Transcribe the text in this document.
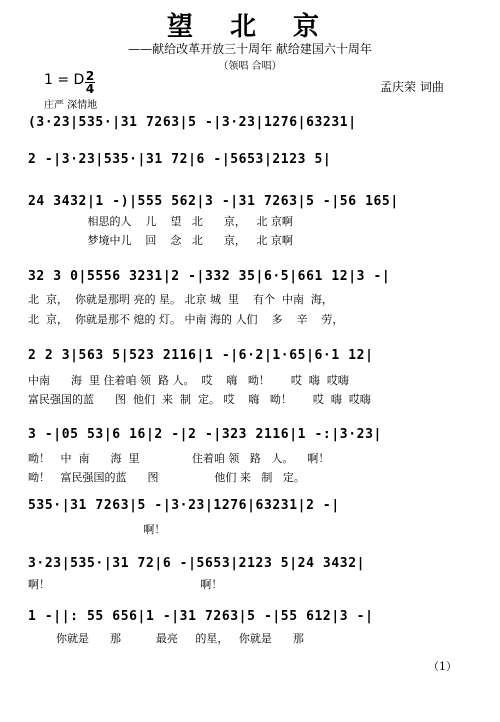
望 北 京
——献给改革开放三十周年 献给建国六十周年
（领唱 合唱）
1 = D 2
4
庄严 深情地
孟庆荣 词曲
(3·23|535·|31 7263|5 -|3·23|1276|63231|
2 -|3·23|535·|31 72|6 -|5653|2123 5|
24 3432|1 -)|555 562|3 -|31 7263|5 -|56 165|
相思的人    儿    望   北      京，   北 京啊
梦境中儿    回    念   北      京，   北 京啊
32 3 0|5556 3231|2 -|332 35|6·5|661 12|3 -|
北  京，  你就是那明 亮的 星。 北京 城  里    有个  中南  海，
北  京，  你就是那不 熄的 灯。 中南 海的 人们    多    辛    劳，
2 2 3|563 5|523 2116|1 -|6·2|1·65|6·1 12|
中南      海  里 住着咱 领  路 人。  哎    嗨   呦！      哎  嗨  哎嗨
富民强国的蓝      图  他们  来  制  定。 哎    嗨   呦！      哎  嗨  哎嗨
3 -|05 53|6 16|2 -|2 -|323 2116|1 -:|3·23|
呦！   中  南      海  里               住着咱 领   路   人。    啊！
呦！   富民强国的蓝      图                他们 来   制   定。
535·|31 7263|5 -|3·23|1276|63231|2 -|
啊！
3·23|535·|31 72|6 -|5653|2123 5|24 3432|
啊！                                           啊！
1 -||: 55 656|1 -|31 7263|5 -|55 612|3 -|
你就是      那          最亮     的星，   你就是      那
（1）
